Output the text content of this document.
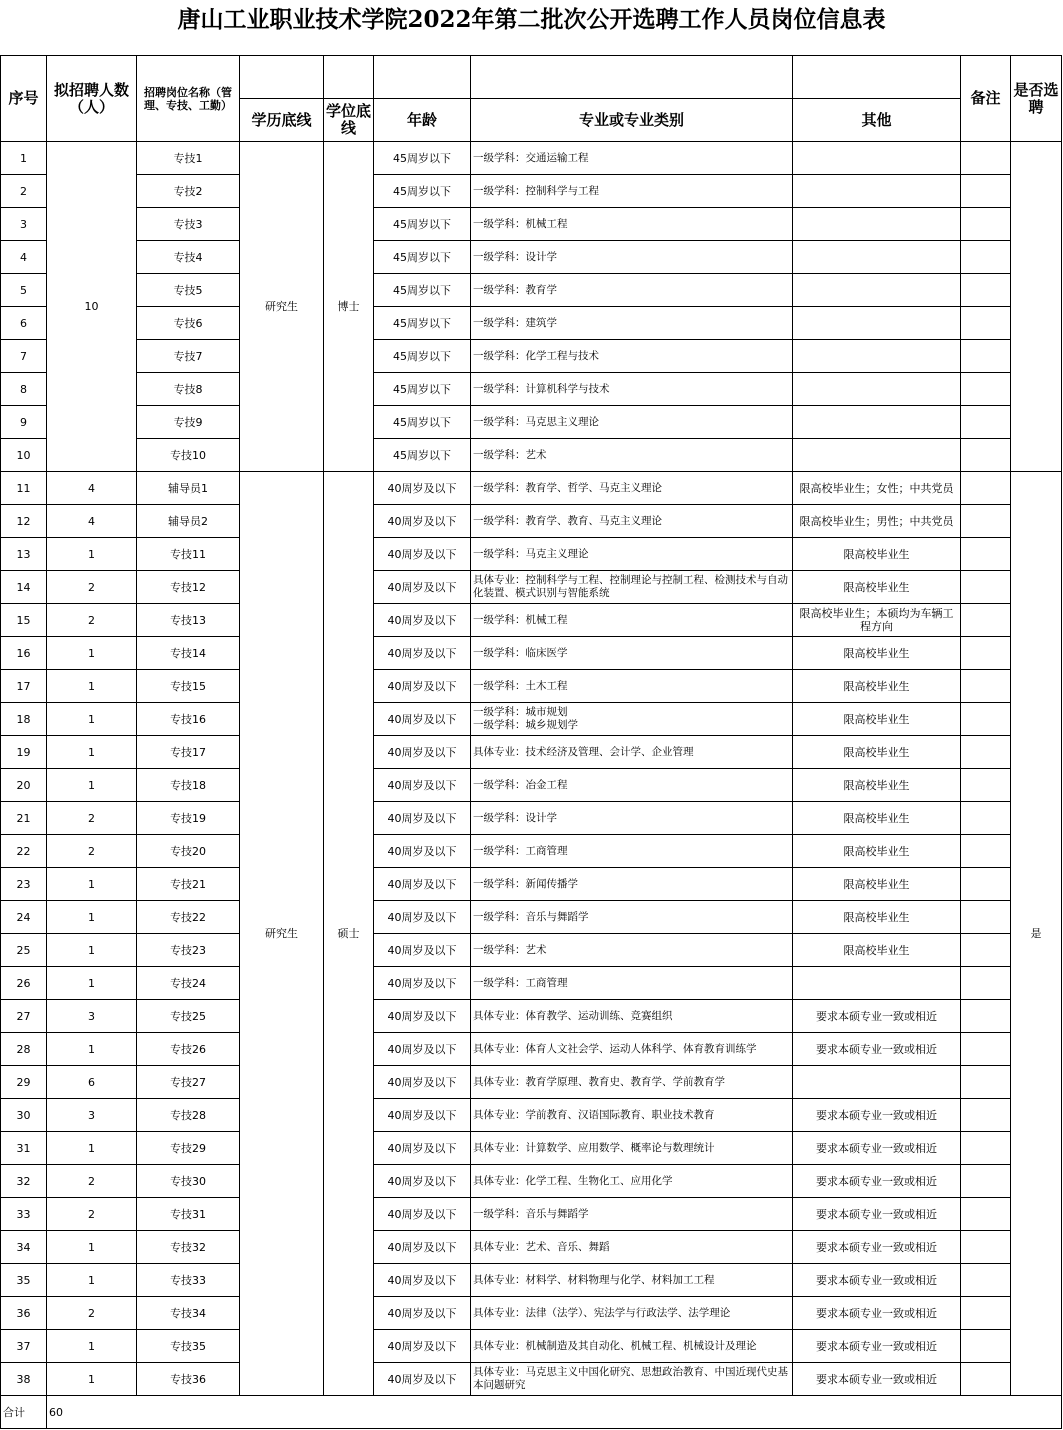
唐山工业职业技术学院2022年第二批次公开选聘工作人员岗位信息表
序号	拟招聘人数（人）	招聘岗位名称（管理、专技、工勤）						备注	是否选聘
			学历底线	学位底线	年龄	专业或专业类别	其他		
1	10	专技1	研究生	博士	45周岁以下	一级学科：交通运输工程			
2		专技2			45周岁以下	一级学科：控制科学与工程			
3		专技3			45周岁以下	一级学科：机械工程			
4		专技4			45周岁以下	一级学科：设计学			
5		专技5			45周岁以下	一级学科：教育学			
6		专技6			45周岁以下	一级学科：建筑学			
7		专技7			45周岁以下	一级学科：化学工程与技术			
8		专技8			45周岁以下	一级学科：计算机科学与技术			
9		专技9			45周岁以下	一级学科：马克思主义理论			
10		专技10			45周岁以下	一级学科：艺术			
11	4	辅导员1	研究生	硕士	40周岁及以下	一级学科：教育学、哲学、马克主义理论	限高校毕业生；女性；中共党员		是
12	4	辅导员2			40周岁及以下	一级学科：教育学、教育、马克主义理论	限高校毕业生；男性；中共党员		
13	1	专技11			40周岁及以下	一级学科：马克主义理论	限高校毕业生		
14	2	专技12			40周岁及以下	具体专业：控制科学与工程、控制理论与控制工程、检测技术与自动化装置、模式识别与智能系统	限高校毕业生		
15	2	专技13			40周岁及以下	一级学科：机械工程	限高校毕业生；本硕均为车辆工程方向		
16	1	专技14			40周岁及以下	一级学科：临床医学	限高校毕业生		
17	1	专技15			40周岁及以下	一级学科：土木工程	限高校毕业生		
18	1	专技16			40周岁及以下	一级学科：城市规划
一级学科：城乡规划学	限高校毕业生		
19	1	专技17			40周岁及以下	具体专业：技术经济及管理、会计学、企业管理	限高校毕业生		
20	1	专技18			40周岁及以下	一级学科：冶金工程	限高校毕业生		
21	2	专技19			40周岁及以下	一级学科：设计学	限高校毕业生		
22	2	专技20			40周岁及以下	一级学科：工商管理	限高校毕业生		
23	1	专技21			40周岁及以下	一级学科：新闻传播学	限高校毕业生		
24	1	专技22			40周岁及以下	一级学科：音乐与舞蹈学	限高校毕业生		
25	1	专技23			40周岁及以下	一级学科：艺术	限高校毕业生		
26	1	专技24			40周岁及以下	一级学科：工商管理			
27	3	专技25			40周岁及以下	具体专业：体育教学、运动训练、竞赛组织	要求本硕专业一致或相近		
28	1	专技26			40周岁及以下	具体专业：体育人文社会学、运动人体科学、体育教育训练学	要求本硕专业一致或相近		
29	6	专技27			40周岁及以下	具体专业：教育学原理、教育史、教育学、学前教育学			
30	3	专技28			40周岁及以下	具体专业：学前教育、汉语国际教育、职业技术教育	要求本硕专业一致或相近		
31	1	专技29			40周岁及以下	具体专业：计算数学、应用数学、概率论与数理统计	要求本硕专业一致或相近		
32	2	专技30			40周岁及以下	具体专业：化学工程、生物化工、应用化学	要求本硕专业一致或相近		
33	2	专技31			40周岁及以下	一级学科：音乐与舞蹈学	要求本硕专业一致或相近		
34	1	专技32			40周岁及以下	具体专业：艺术、音乐、舞蹈	要求本硕专业一致或相近		
35	1	专技33			40周岁及以下	具体专业：材料学、材料物理与化学、材料加工工程	要求本硕专业一致或相近		
36	2	专技34			40周岁及以下	具体专业：法律（法学）、宪法学与行政法学、法学理论	要求本硕专业一致或相近		
37	1	专技35			40周岁及以下	具体专业：机械制造及其自动化、机械工程、机械设计及理论	要求本硕专业一致或相近		
38	1	专技36			40周岁及以下	具体专业：马克思主义中国化研究、思想政治教育、中国近现代史基本问题研究	要求本硕专业一致或相近		
合计	60								
